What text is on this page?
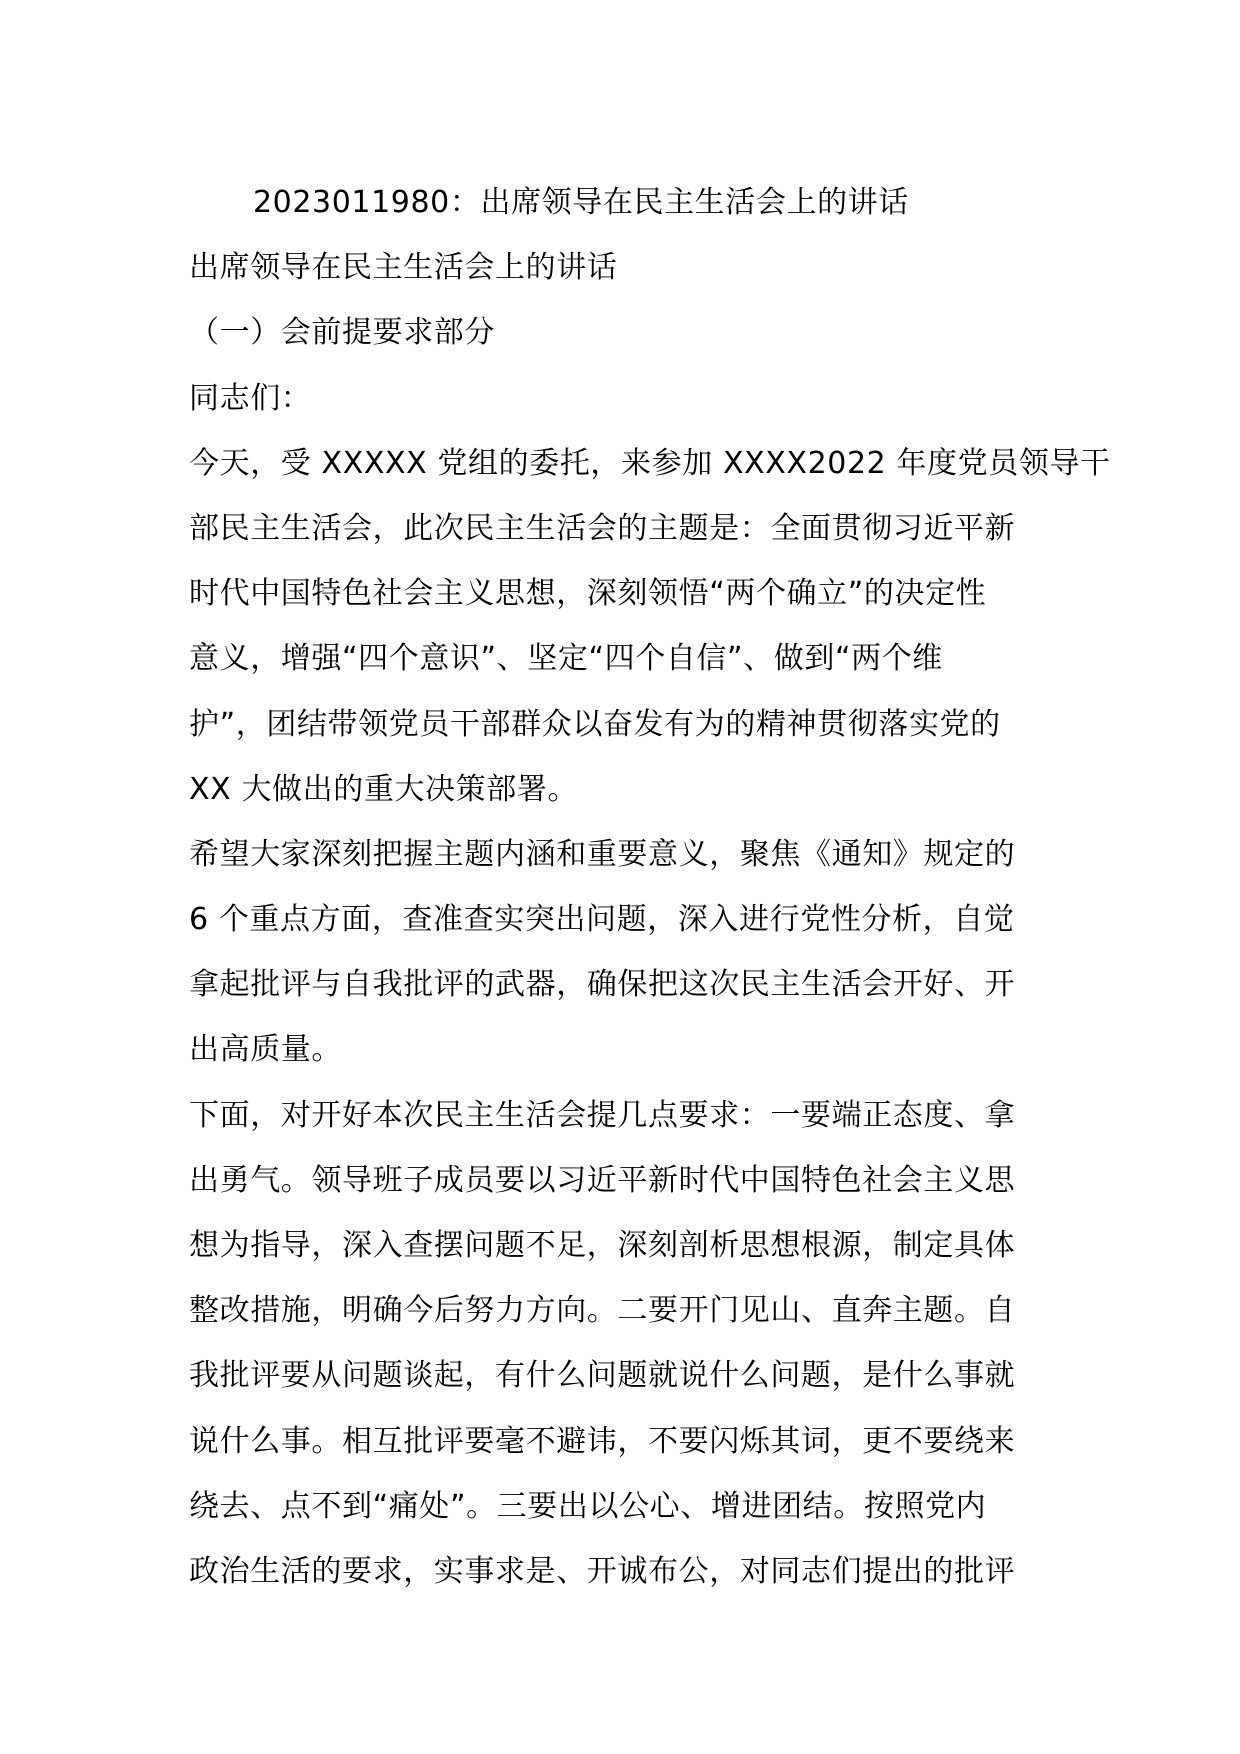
2023011980：出席领导在民主生活会上的讲话

出席领导在民主生活会上的讲话

（一）会前提要求部分

同志们：

今天，受 XXXXX 党组的委托，来参加 XXXX2022 年度党员领导干

部民主生活会，此次民主生活会的主题是：全面贯彻习近平新

时代中国特色社会主义思想，深刻领悟“两个确立”的决定性

意义，增强“四个意识”、坚定“四个自信”、做到“两个维

护”，团结带领党员干部群众以奋发有为的精神贯彻落实党的

XX 大做出的重大决策部署。

希望大家深刻把握主题内涵和重要意义，聚焦《通知》规定的

6 个重点方面，查准查实突出问题，深入进行党性分析，自觉

拿起批评与自我批评的武器，确保把这次民主生活会开好、开

出高质量。

下面，对开好本次民主生活会提几点要求：一要端正态度、拿

出勇气。领导班子成员要以习近平新时代中国特色社会主义思

想为指导，深入查摆问题不足，深刻剖析思想根源，制定具体

整改措施，明确今后努力方向。二要开门见山、直奔主题。自

我批评要从问题谈起，有什么问题就说什么问题，是什么事就

说什么事。相互批评要毫不避讳，不要闪烁其词，更不要绕来

绕去、点不到“痛处”。三要出以公心、增进团结。按照党内

政治生活的要求，实事求是、开诚布公，对同志们提出的批评
